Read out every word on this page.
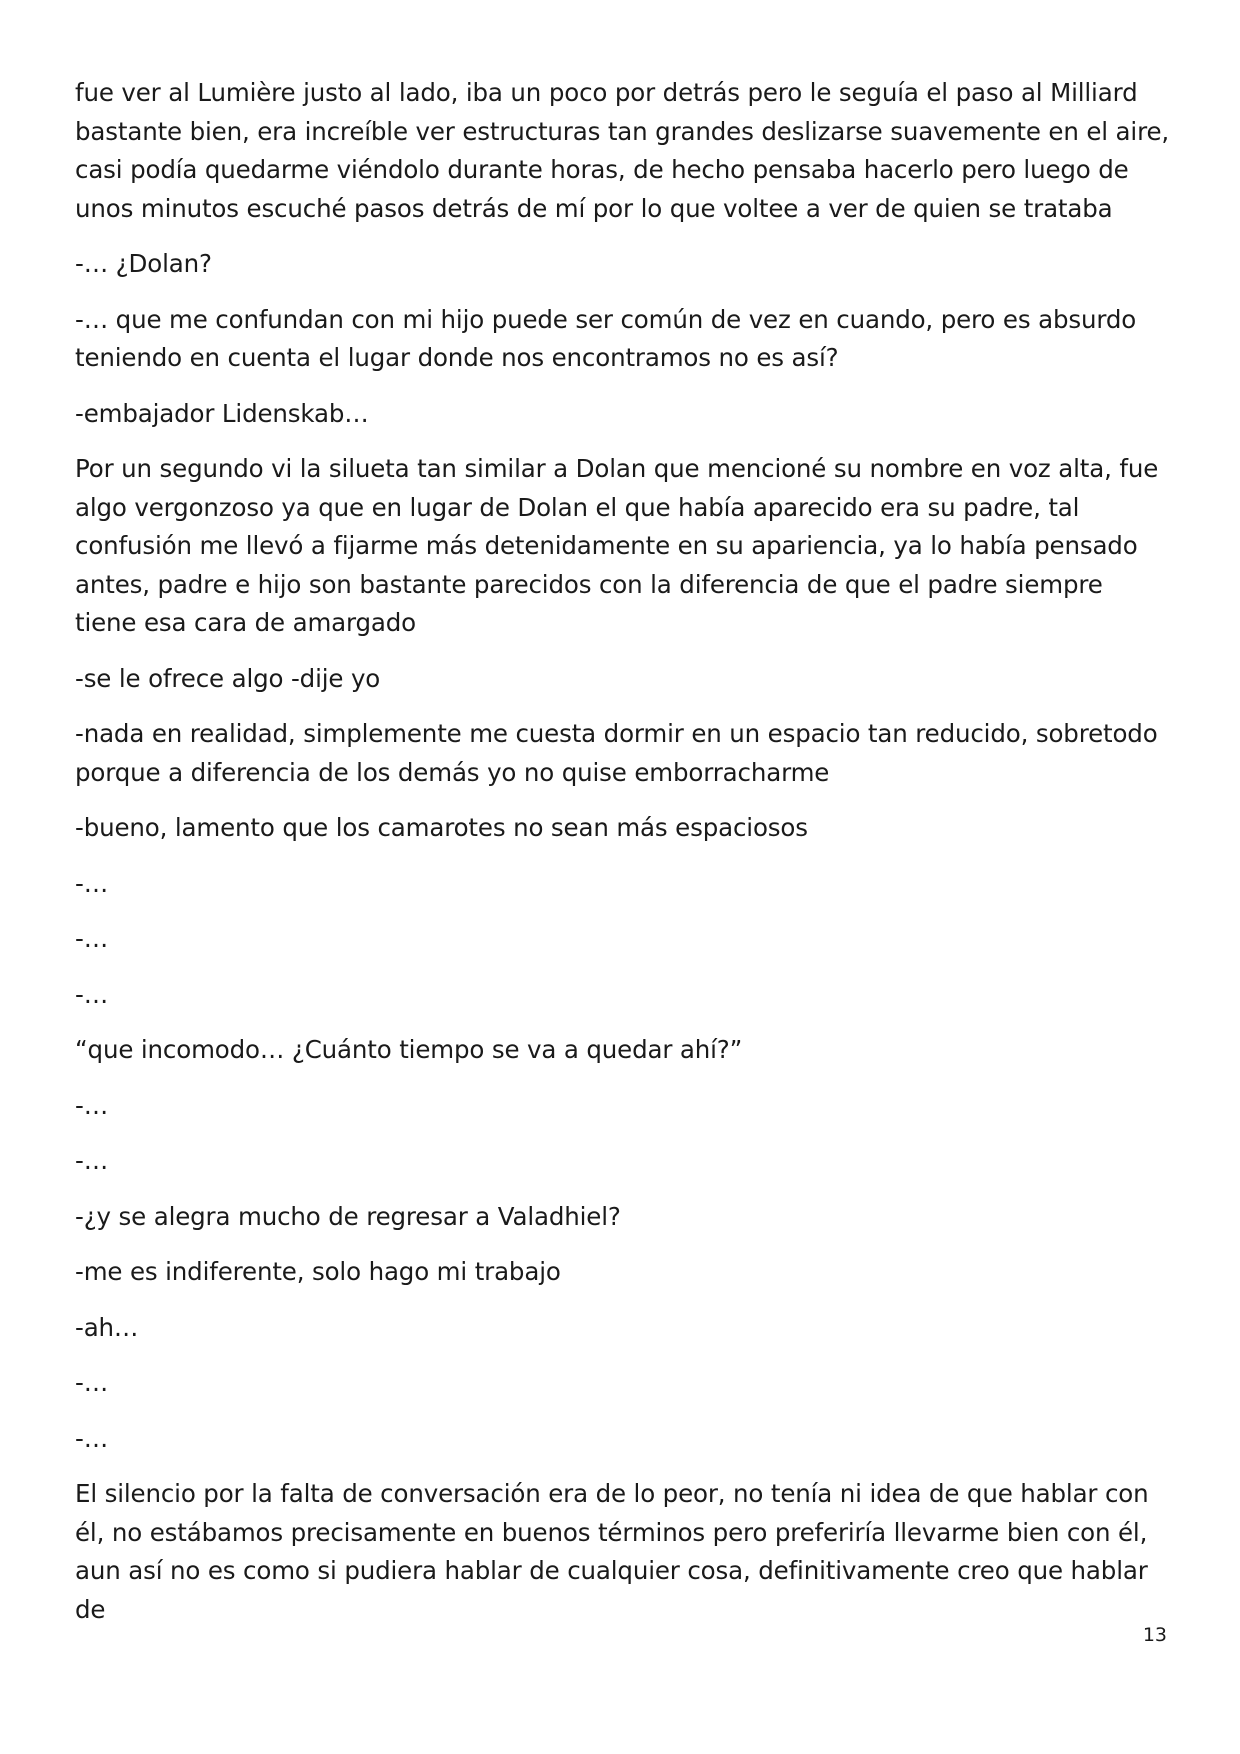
fue ver al Lumière justo al lado, iba un poco por detrás pero le seguía el paso al Milliard bastante bien, era increíble ver estructuras tan grandes deslizarse suavemente en el aire, casi podía quedarme viéndolo durante horas, de hecho pensaba hacerlo pero luego de unos minutos escuché pasos detrás de mí por lo que voltee a ver de quien se trataba

-… ¿Dolan?

-… que me confundan con mi hijo puede ser común de vez en cuando, pero es absurdo teniendo en cuenta el lugar donde nos encontramos no es así?

-embajador Lidenskab…

Por un segundo vi la silueta tan similar a Dolan que mencioné su nombre en voz alta, fue algo vergonzoso ya que en lugar de Dolan el que había aparecido era su padre, tal confusión me llevó a fijarme más detenidamente en su apariencia, ya lo había pensado antes, padre e hijo son bastante parecidos con la diferencia de que el padre siempre tiene esa cara de amargado

-se le ofrece algo -dije yo

-nada en realidad, simplemente me cuesta dormir en un espacio tan reducido, sobretodo porque a diferencia de los demás yo no quise emborracharme

-bueno, lamento que los camarotes no sean más espaciosos

-…

-…

-…

“que incomodo… ¿Cuánto tiempo se va a quedar ahí?”

-…

-…

-¿y se alegra mucho de regresar a Valadhiel?

-me es indiferente, solo hago mi trabajo

-ah…

-…

-…

El silencio por la falta de conversación era de lo peor, no tenía ni idea de que hablar con él, no estábamos precisamente en buenos términos pero preferiría llevarme bien con él, aun así no es como si pudiera hablar de cualquier cosa, definitivamente creo que hablar de

13
